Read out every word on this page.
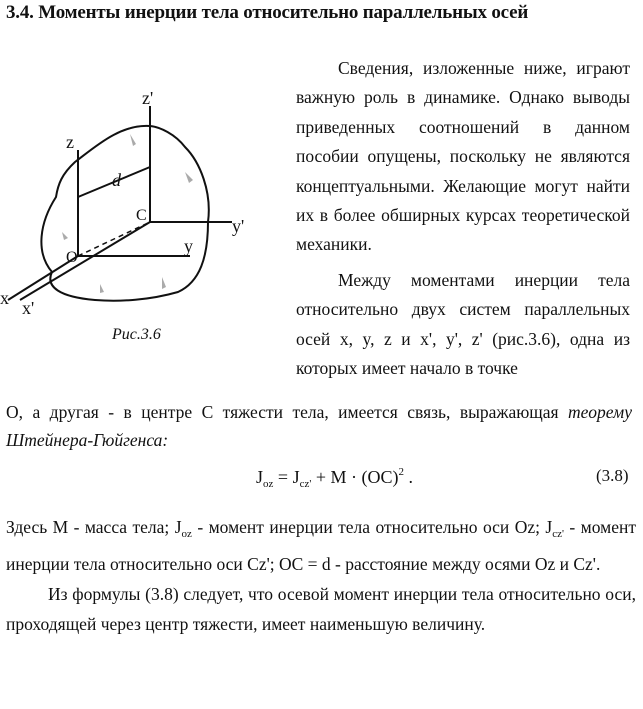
3.4. Моменты инерции тела относительно параллельных осей
z'
z
d
C
O
y
y'
x x'
Рис.3.6

Сведения, изложенные ниже, играют важную роль в динамике. Однако выводы приведенных соотношений в данном пособии опущены, поскольку не являются концептуальными. Желающие могут найти их в более обширных курсах теоретической механики.

Между моментами инерции тела относительно двух систем параллельных осей x, y, z и x', y', z' (рис.3.6), одна из которых имеет начало в точке

O, а другая - в центре C тяжести тела, имеется связь, выражающая теорему Штейнера-Гюйгенса:

$J_{oz} = J_{cz'} + M \cdot (OC)^2$ .	(3.8)

Здесь M - масса тела; $J_{oz}$ - момент инерции тела относительно оси Oz; $J_{cz'}$ - момент инерции тела относительно оси Cz'; OC = d - расстояние между осями Oz и Cz'.

Из формулы (3.8) следует, что осевой момент инерции тела относительно оси, проходящей через центр тяжести, имеет наименьшую величину.
